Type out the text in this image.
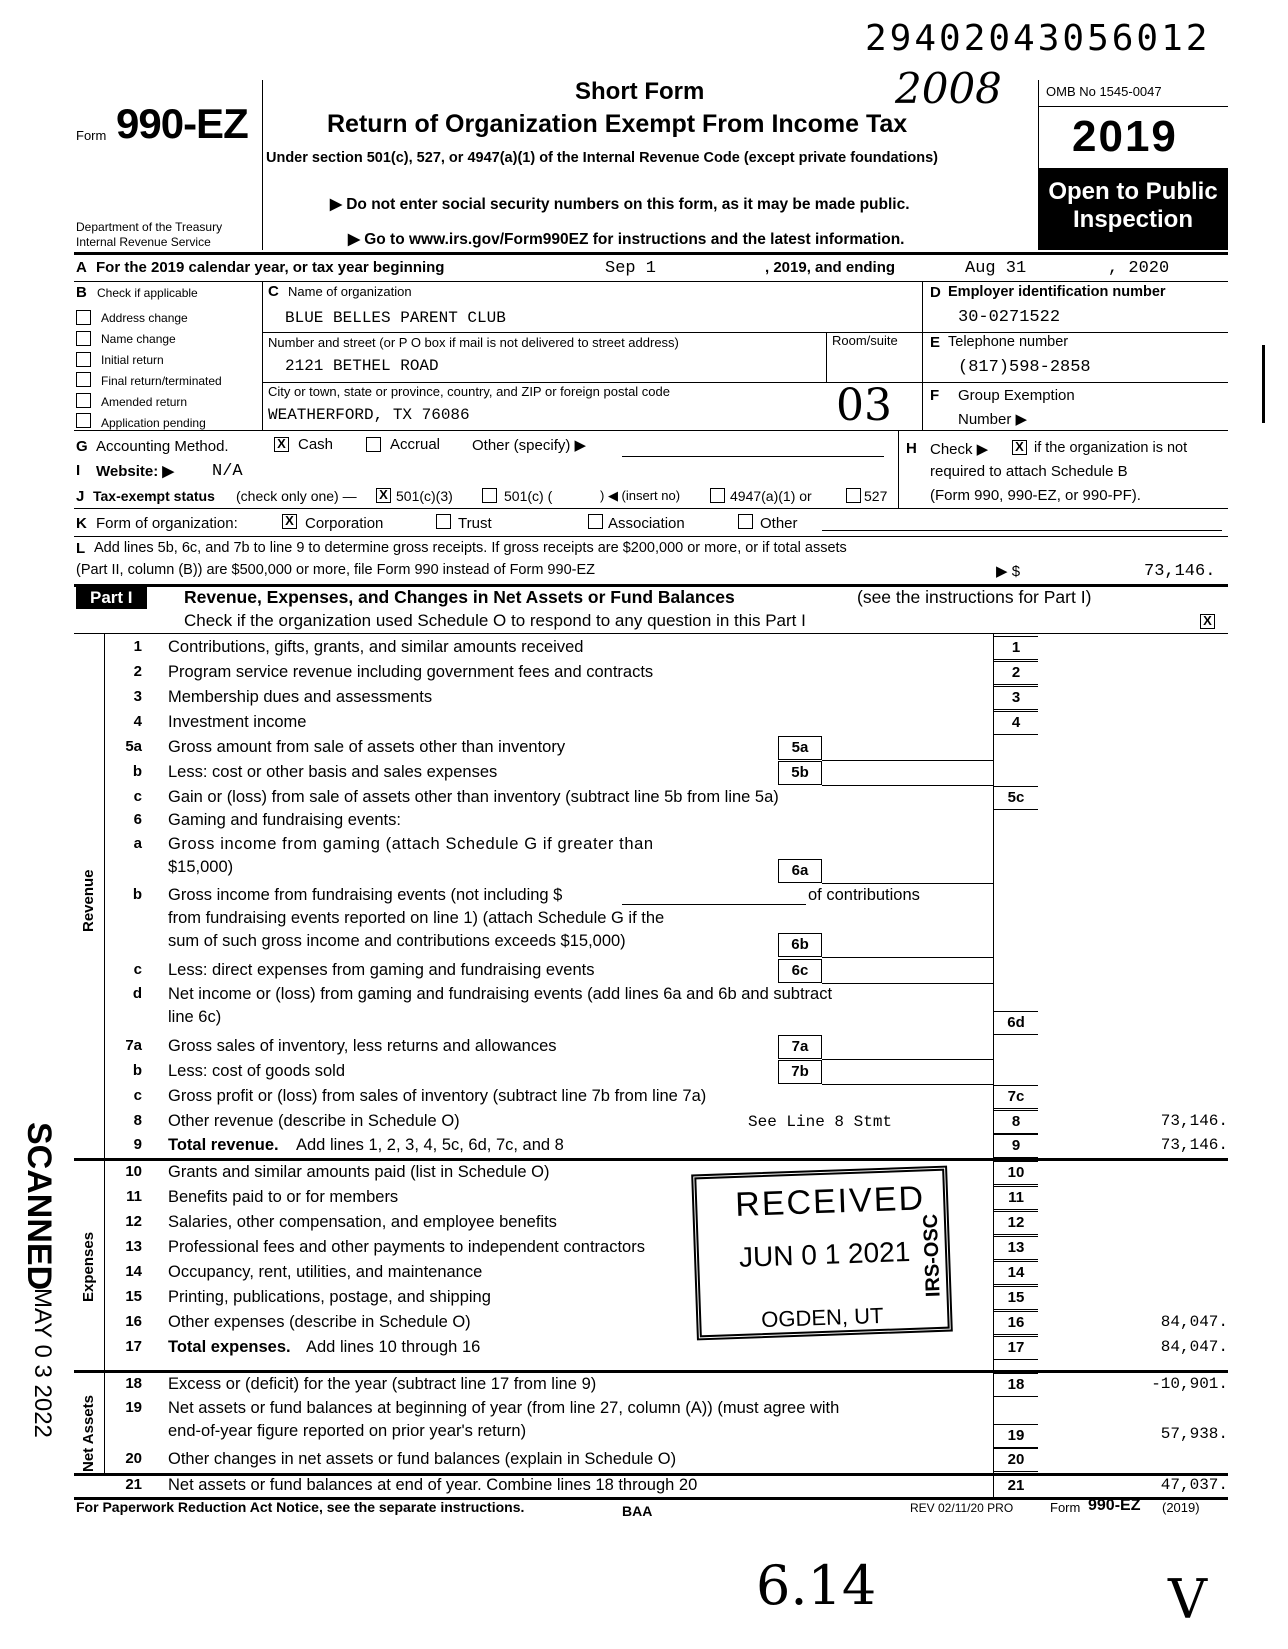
29402043056012
2008
Form 990-EZ
Department of the Treasury
Internal Revenue Service
Short Form
Return of Organization Exempt From Income Tax
Under section 501(c), 527, or 4947(a)(1) of the Internal Revenue Code (except private foundations)
▶ Do not enter social security numbers on this form, as it may be made public.
▶ Go to www.irs.gov/Form990EZ for instructions and the latest information.
OMB No 1545-0047
2019
Open to Public
Inspection
A For the 2019 calendar year, or tax year beginning	Sep 1	, 2019, and ending	Aug 31	, 2020
B Check if applicable
Address change
Name change
Initial return
Final return/terminated
Amended return
Application pending
C Name of organization
BLUE BELLES PARENT CLUB
Number and street (or P O box if mail is not delivered to street address)	Room/suite
2121 BETHEL ROAD
City or town, state or province, country, and ZIP or foreign postal code
WEATHERFORD, TX 76086	03
D Employer identification number
30-0271522
E Telephone number
(817)598-2858
F Group Exemption
Number ▶
G Accounting Method.	X Cash	Accrual Other (specify) ▶	H Check ▶ X if the organization is not
required to attach Schedule B
(Form 990, 990-EZ, or 990-PF).
I Website: ▶ N/A
J Tax-exempt status (check only one) — X 501(c)(3)	501(c) (	) ◀ (insert no)	4947(a)(1) or	527
K Form of organization:	X Corporation	Trust	Association	Other
L Add lines 5b, 6c, and 7b to line 9 to determine gross receipts. If gross receipts are $200,000 or more, or if total assets
(Part II, column (B)) are $500,000 or more, file Form 990 instead of Form 990-EZ	▶ $	73,146.
Part I	Revenue, Expenses, and Changes in Net Assets or Fund Balances	(see the instructions for Part I)
Check if the organization used Schedule O to respond to any question in this Part I	X
Revenue
Expenses
Net Assets
1 Contributions, gifts, grants, and similar amounts received	1
2 Program service revenue including government fees and contracts	2
3 Membership dues and assessments	3
4 Investment income	4
5a Gross amount from sale of assets other than inventory	5a
b Less: cost or other basis and sales expenses	5b
c Gain or (loss) from sale of assets other than inventory (subtract line 5b from line 5a)	5c
6 Gaming and fundraising events:
a Gross income from gaming (attach Schedule G if greater than
$15,000)	6a
b Gross income from fundraising events (not including $	of contributions
from fundraising events reported on line 1) (attach Schedule G if the
sum of such gross income and contributions exceeds $15,000)	6b
c Less: direct expenses from gaming and fundraising events	6c
d Net income or (loss) from gaming and fundraising events (add lines 6a and 6b and subtract
line 6c)	6d
7a Gross sales of inventory, less returns and allowances	7a
b Less: cost of goods sold	7b
c Gross profit or (loss) from sales of inventory (subtract line 7b from line 7a)	7c
8 Other revenue (describe in Schedule O)	See Line 8 Stmt	8	73,146.
9 Total revenue. Add lines 1, 2, 3, 4, 5c, 6d, 7c, and 8	9	73,146.
10 Grants and similar amounts paid (list in Schedule O)	10
11 Benefits paid to or for members	11
12 Salaries, other compensation, and employee benefits	12
13 Professional fees and other payments to independent contractors	13
14 Occupancy, rent, utilities, and maintenance	14
15 Printing, publications, postage, and shipping	15
16 Other expenses (describe in Schedule O)	16	84,047.
17 Total expenses. Add lines 10 through 16	17	84,047.
18 Excess or (deficit) for the year (subtract line 17 from line 9)	18	-10,901.
19 Net assets or fund balances at beginning of year (from line 27, column (A)) (must agree with
end-of-year figure reported on prior year's return)	19	57,938.
20 Other changes in net assets or fund balances (explain in Schedule O)	20
21 Net assets or fund balances at end of year. Combine lines 18 through 20	21	47,037.
RECEIVED
JUN 0 1 2021 IRS-OSC
OGDEN, UT
SCANNED
MAY 0 3 2022
For Paperwork Reduction Act Notice, see the separate instructions.	BAA	REV 02/11/20 PRO	Form 990-EZ (2019)
6.14	V
